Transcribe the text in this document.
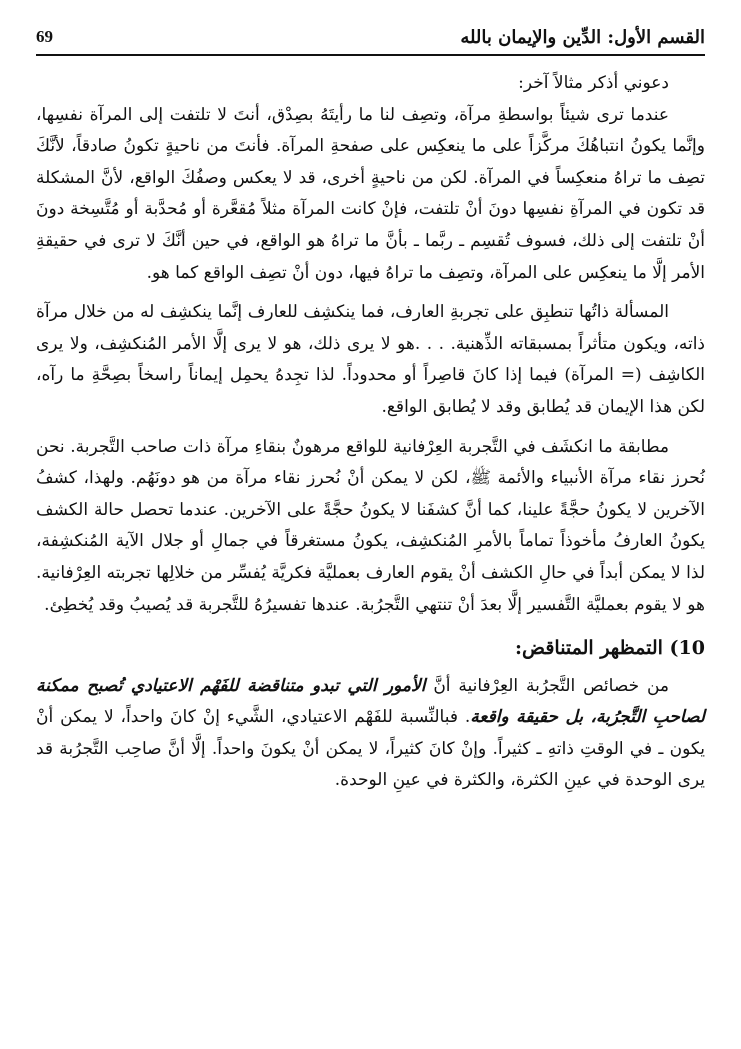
69	القسم الأول: الدِّين والإيمان بالله

دعوني أذكر مثالاً آخر:

عندما ترى شيئاً بواسطةِ مرآة، وتصِف لنا ما رأيتَهُ بصِدْق، أنتَ لا تلتفت إلى المرآة نفسِها، وإنَّما يكونُ انتباهُكَ مركَّزاً على ما ينعكِس على صفحةِ المرآة. فأنتَ من ناحيةٍ تكونُ صادقاً، لأنَّكَ تصِف ما تراهُ منعكِساً في المرآة. لكن من ناحيةٍ أخرى، قد لا يعكس وصفُكَ الواقع، لأنَّ المشكلة قد تكون في المرآةِ نفسِها دونَ أنْ تلتفت، فإنْ كانت المرآة مثلاً مُقعَّرة أو مُحدَّبة أو مُتَّسِخة دونَ أنْ تلتفت إلى ذلك، فسوف تُقسِم ـ ربَّما ـ بأنَّ ما تراهُ هو الواقع، في حين أنَّكَ لا ترى في حقيقةِ الأمر إلَّا ما ينعكِس على المرآة، وتصِف ما تراهُ فيها، دون أنْ تصِف الواقع كما هو.

المسألة ذاتُها تنطبِق على تجربةِ العارف، فما ينكشِف للعارف إنَّما ينكشِف له من خلال مرآة ذاته، ويكون متأثراً بمسبقاته الذِّهنية. . . .هو لا يرى ذلك، هو لا يرى إلَّا الأمر المُنكشِف، ولا يرى الكاشِف (= المرآة) فيما إذا كانَ قاصِراً أو محدوداً. لذا تجِدهُ يحمِل إيماناً راسخاً بصِحَّةِ ما رآه، لكن هذا الإيمان قد يُطابق وقد لا يُطابق الواقع.

مطابقة ما انكشَف في التَّجربة العِرْفانية للواقع مرهونٌ بنقاءِ مرآة ذات صاحب التَّجربة. نحن نُحرز نقاء مرآة الأنبياء والأئمة ﷺ، لكن لا يمكن أنْ نُحرز نقاء مرآة من هو دونَهُم. ولهذا، كشفُ الآخرين لا يكونُ حجَّةً علينا، كما أنَّ كشفَنا لا يكونُ حجَّةً على الآخرين. عندما تحصل حالة الكشف يكونُ العارفُ مأخوذاً تماماً بالأمرِ المُنكشِف، يكونُ مستغرقاً في جمالِ أو جلال الآية المُنكشِفة، لذا لا يمكن أبداً في حالِ الكشف أنْ يقوم العارف بعمليَّة فكريَّة يُفسِّر من خلالِها تجربته العِرْفانية. هو لا يقوم بعمليَّة التَّفسير إلَّا بعدَ أنْ تنتهي التَّجرُبة. عندها تفسيرُهُ للتَّجربة قد يُصيبُ وقد يُخطِئ.

10) التمظهر المتناقض:

من خصائص التَّجرُبة العِرْفانية أنَّ الأمور التي تبدو متناقضة للفَهْم الاعتيادي تُصبح ممكنة لصاحبِ التَّجرُبة، بل حقيقة واقعة. فبالنِّسبة للفَهْم الاعتيادي، الشَّيء إنْ كانَ واحداً، لا يمكن أنْ يكون ـ في الوقتِ ذاتهِ ـ كثيراً. وإنْ كانَ كثيراً، لا يمكن أنْ يكونَ واحداً. إلَّا أنَّ صاحِب التَّجرُبة قد يرى الوحدة في عينِ الكثرة، والكثرة في عينِ الوحدة.
